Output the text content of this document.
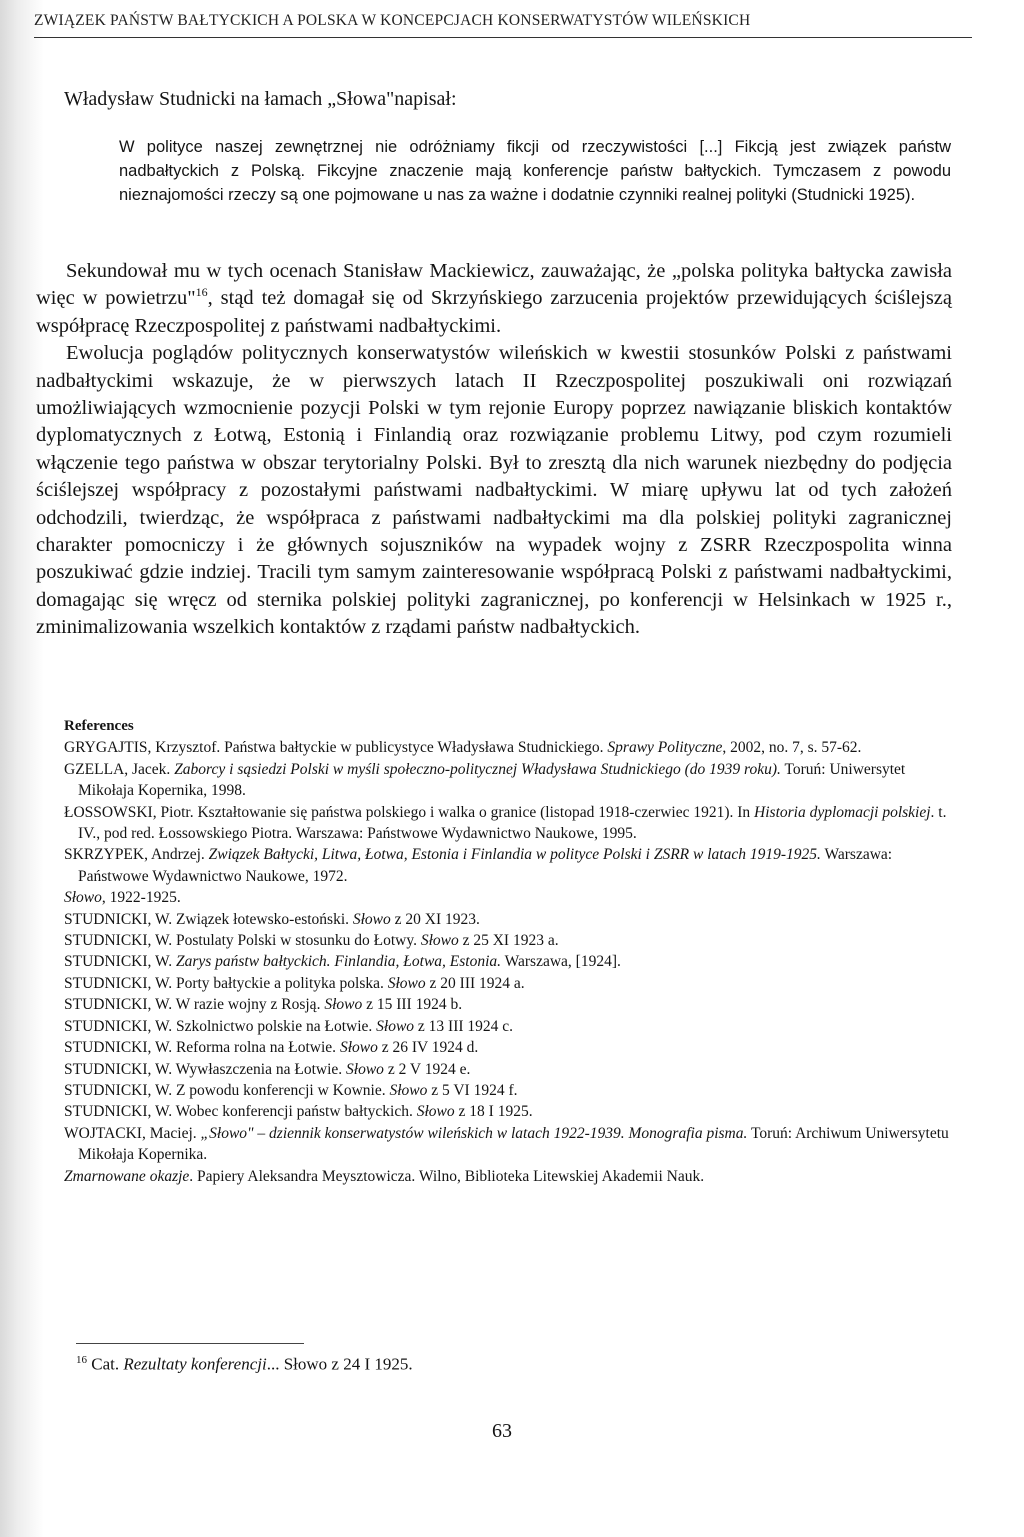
ZWIĄZEK PAŃSTW BAŁTYCKICH A POLSKA W KONCEPCJACH KONSERWATYSTÓW WILEŃSKICH
Władysław Studnicki na łamach „Słowa"napisał:
W polityce naszej zewnętrznej nie odróżniamy fikcji od rzeczywistości [...] Fikcją jest związek państw nadbałtyckich z Polską. Fikcyjne znaczenie mają konferencje państw bałtyckich. Tymczasem z powodu nieznajomości rzeczy są one pojmowane u nas za ważne i dodatnie czynniki realnej polityki (Studnicki 1925).

Sekundował mu w tych ocenach Stanisław Mackiewicz, zauważając, że „polska polityka bałtycka zawisła więc w powietrzu"$^{16}$, stąd też domagał się od Skrzyńskiego zarzucenia projektów przewidujących ściślejszą współpracę Rzeczpospolitej z państwami nadbałtyckimi.

Ewolucja poglądów politycznych konserwatystów wileńskich w kwestii stosunków Polski z państwami nadbałtyckimi wskazuje, że w pierwszych latach II Rzeczpospolitej poszukiwali oni rozwiązań umożliwiających wzmocnienie pozycji Polski w tym rejonie Europy poprzez nawiązanie bliskich kontaktów dyplomatycznych z Łotwą, Estonią i Finlandią oraz rozwiązanie problemu Litwy, pod czym rozumieli włączenie tego państwa w obszar terytorialny Polski. Był to zresztą dla nich warunek niezbędny do podjęcia ściślejszej współpracy z pozostałymi państwami nadbałtyckimi. W miarę upływu lat od tych założeń odchodzili, twierdząc, że współpraca z państwami nadbałtyckimi ma dla polskiej polityki zagranicznej charakter pomocniczy i że głównych sojuszników na wypadek wojny z ZSRR Rzeczpospolita winna poszukiwać gdzie indziej. Tracili tym samym zainteresowanie współpracą Polski z państwami nadbałtyckimi, domagając się wręcz od sternika polskiej polityki zagranicznej, po konferencji w Helsinkach w 1925 r., zminimalizowania wszelkich kontaktów z rządami państw nadbałtyckich.

References
GRYGAJTIS, Krzysztof. Państwa bałtyckie w publicystyce Władysława Studnickiego. Sprawy Polityczne, 2002, no. 7, s. 57-62.
GZELLA, Jacek. Zaborcy i sąsiedzi Polski w myśli społeczno-politycznej Władysława Studnickiego (do 1939 roku). Toruń: Uniwersytet Mikołaja Kopernika, 1998.
ŁOSSOWSKI, Piotr. Kształtowanie się państwa polskiego i walka o granice (listopad 1918-czerwiec 1921). In Historia dyplomacji polskiej. t. IV., pod red. Łossowskiego Piotra. Warszawa: Państwowe Wydawnictwo Naukowe, 1995.
SKRZYPEK, Andrzej. Związek Bałtycki, Litwa, Łotwa, Estonia i Finlandia w polityce Polski i ZSRR w latach 1919-1925. Warszawa: Państwowe Wydawnictwo Naukowe, 1972.
Słowo, 1922-1925.
STUDNICKI, W. Związek łotewsko-estoński. Słowo z 20 XI 1923.
STUDNICKI, W. Postulaty Polski w stosunku do Łotwy. Słowo z 25 XI 1923 a.
STUDNICKI, W. Zarys państw bałtyckich. Finlandia, Łotwa, Estonia. Warszawa, [1924].
STUDNICKI, W. Porty bałtyckie a polityka polska. Słowo z 20 III 1924 a.
STUDNICKI, W. W razie wojny z Rosją. Słowo z 15 III 1924 b.
STUDNICKI, W. Szkolnictwo polskie na Łotwie. Słowo z 13 III 1924 c.
STUDNICKI, W. Reforma rolna na Łotwie. Słowo z 26 IV 1924 d.
STUDNICKI, W. Wywłaszczenia na Łotwie. Słowo z 2 V 1924 e.
STUDNICKI, W. Z powodu konferencji w Kownie. Słowo z 5 VI 1924 f.
STUDNICKI, W. Wobec konferencji państw bałtyckich. Słowo z 18 I 1925.
WOJTACKI, Maciej. „Słowo" – dziennik konserwatystów wileńskich w latach 1922-1939. Monografia pisma. Toruń: Archiwum Uniwersytetu Mikołaja Kopernika.
Zmarnowane okazje. Papiery Aleksandra Meysztowicza. Wilno, Biblioteka Litewskiej Akademii Nauk.
$^{16}$ Cat. Rezultaty konferencji... Słowo z 24 I 1925.
63
